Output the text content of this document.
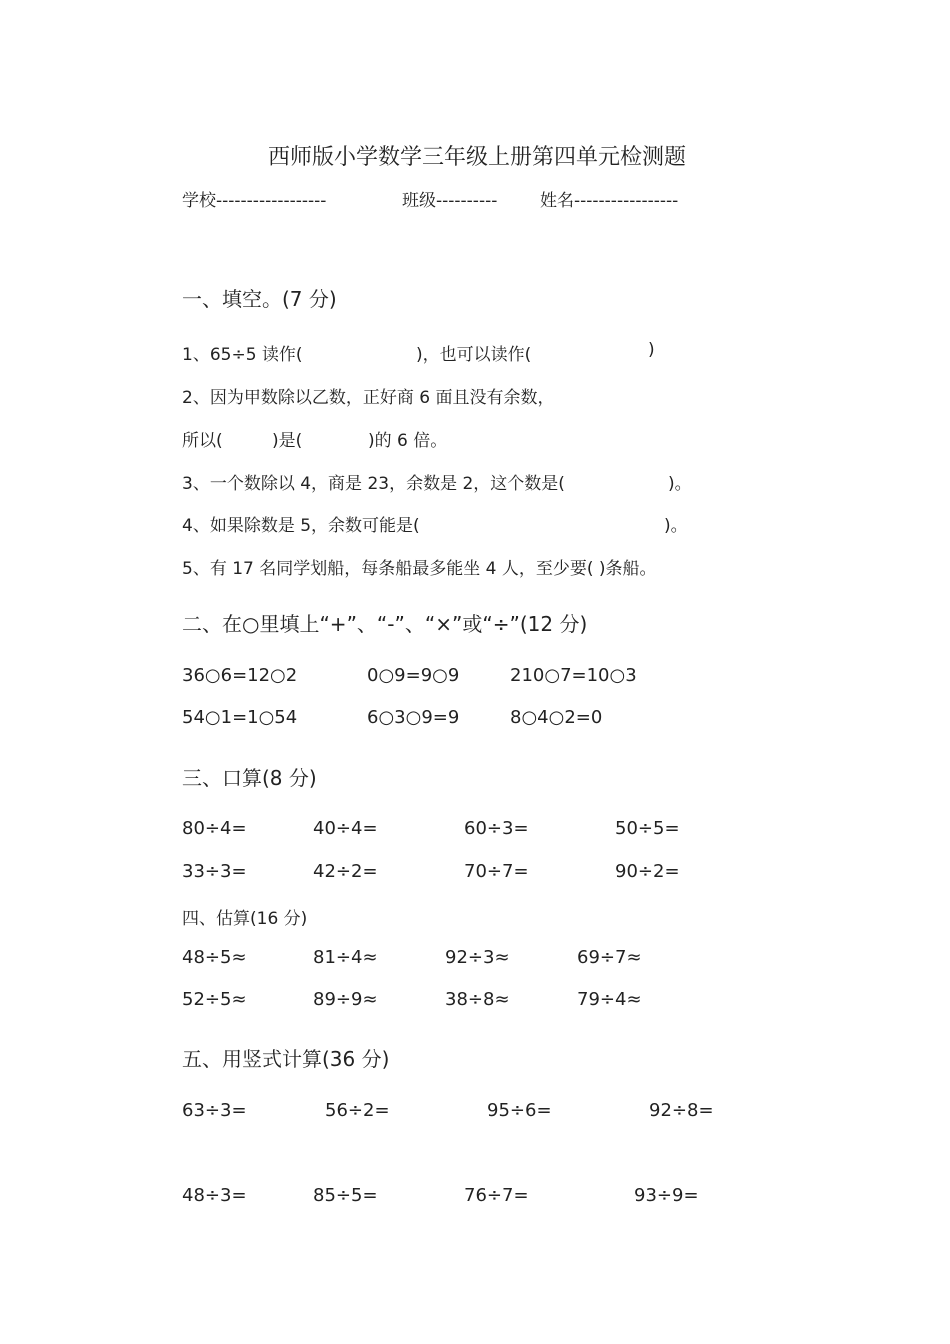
西师版小学数学三年级上册第四单元检测题
学校------------------	班级----------	姓名-----------------
一、填空。(7 分)
1、65÷5 读作(	)，也可以读作(	)
2、因为甲数除以乙数，正好商 6 面且没有余数，
所以(	)是(	)的 6 倍。
3、一个数除以 4，商是 23，余数是 2，这个数是(	)。
4、如果除数是 5，余数可能是(	)。
5、有 17 名同学划船，每条船最多能坐 4 人，至少要( )条船。
二、在○里填上“+”、“-”、“×”或“÷”(12 分)
36○6=12○2	0○9=9○9	210○7=10○3
54○1=1○54	6○3○9=9	8○4○2=0
三、口算(8 分)
80÷4=	40÷4=	60÷3=	50÷5=
33÷3=	42÷2=	70÷7=	90÷2=
四、估算(16 分)
48÷5≈	81÷4≈	92÷3≈	69÷7≈
52÷5≈	89÷9≈	38÷8≈	79÷4≈
五、用竖式计算(36 分)
63÷3=	56÷2=	95÷6=	92÷8=
48÷3=	85÷5=	76÷7=	93÷9=
